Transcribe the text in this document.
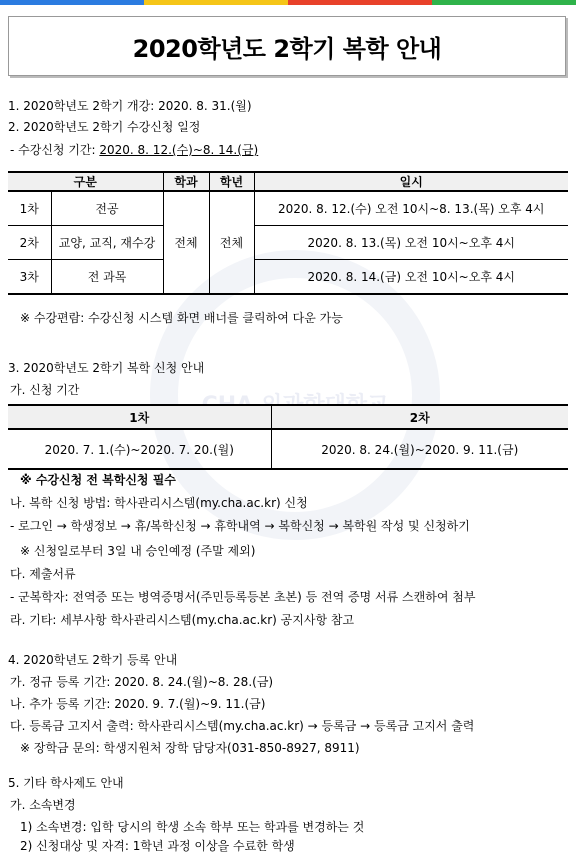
2020학년도 2학기 복학 안내
1. 2020학년도 2학기 개강: 2020. 8. 31.(월)
2. 2020학년도 2학기 수강신청 일정
- 수강신청 기간: 2020. 8. 12.(수)~8. 14.(금)
구분		학과	학년	일시
1차	전공	전체	전체	2020. 8. 12.(수) 오전 10시~8. 13.(목) 오후 4시
2차	교양, 교직, 재수강			2020. 8. 13.(목) 오전 10시~오후 4시
3차	전 과목			2020. 8. 14.(금) 오전 10시~오후 4시
※ 수강편람: 수강신청 시스템 화면 배너를 클릭하여 다운 가능
3. 2020학년도 2학기 복학 신청 안내
가. 신청 기간
1차	2차
2020. 7. 1.(수)~2020. 7. 20.(월)	2020. 8. 24.(월)~2020. 9. 11.(금)
※ 수강신청 전 복학신청 필수
나. 복학 신청 방법: 학사관리시스템(my.cha.ac.kr) 신청
- 로그인 → 학생정보 → 휴/복학신청 → 휴학내역 → 복학신청 → 복학원 작성 및 신청하기
※ 신청일로부터 3일 내 승인예정 (주말 제외)
다. 제출서류
- 군복학자: 전역증 또는 병역증명서(주민등록등본 초본) 등 전역 증명 서류 스캔하여 첨부
라. 기타: 세부사항 학사관리시스템(my.cha.ac.kr) 공지사항 참고
4. 2020학년도 2학기 등록 안내
가. 정규 등록 기간: 2020. 8. 24.(월)~8. 28.(금)
나. 추가 등록 기간: 2020. 9. 7.(월)~9. 11.(금)
다. 등록금 고지서 출력: 학사관리시스템(my.cha.ac.kr) → 등록금 → 등록금 고지서 출력
※ 장학금 문의: 학생지원처 장학 담당자(031-850-8927, 8911)
5. 기타 학사제도 안내
가. 소속변경
1) 소속변경: 입학 당시의 학생 소속 학부 또는 학과를 변경하는 것
2) 신청대상 및 자격: 1학년 과정 이상을 수료한 학생
